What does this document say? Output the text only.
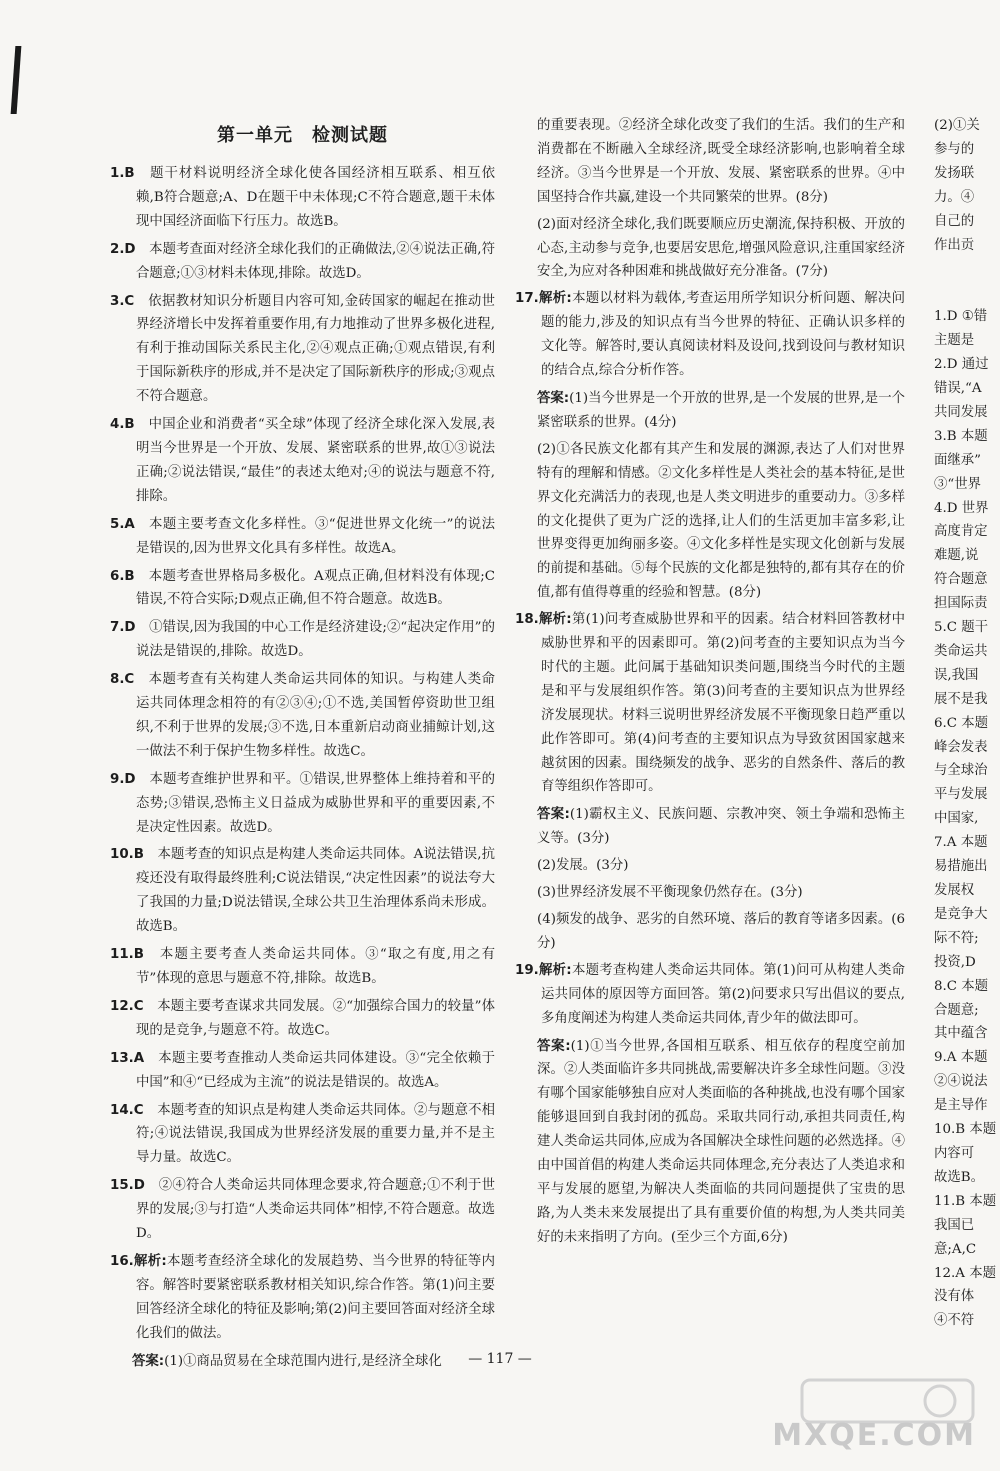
第一单元　检测试题
1.B　 题干材料说明经济全球化使各国经济相互联系、相互依赖,B符合题意;A、D在题干中未体现;C不符合题意,题干未体现中国经济面临下行压力。故选B。
2.D　 本题考查面对经济全球化我们的正确做法,②④说法正确,符合题意;①③材料未体现,排除。故选D。
3.C　 依据教材知识分析题目内容可知,金砖国家的崛起在推动世界经济增长中发挥着重要作用,有力地推动了世界多极化进程,有利于推动国际关系民主化,②④观点正确;①观点错误,有利于国际新秩序的形成,并不是决定了国际新秩序的形成;③观点不符合题意。
4.B　 中国企业和消费者“买全球”体现了经济全球化深入发展,表明当今世界是一个开放、发展、紧密联系的世界,故①③说法正确;②说法错误,“最佳”的表述太绝对;④的说法与题意不符,排除。
5.A　 本题主要考查文化多样性。③“促进世界文化统一”的说法是错误的,因为世界文化具有多样性。故选A。
6.B　 本题考查世界格局多极化。A观点正确,但材料没有体现;C错误,不符合实际;D观点正确,但不符合题意。故选B。
7.D　 ①错误,因为我国的中心工作是经济建设;②“起决定作用”的说法是错误的,排除。故选D。
8.C　 本题考查有关构建人类命运共同体的知识。与构建人类命运共同体理念相符的有②③④;①不选,美国暂停资助世卫组织,不利于世界的发展;③不选,日本重新启动商业捕鲸计划,这一做法不利于保护生物多样性。故选C。
9.D　 本题考查维护世界和平。①错误,世界整体上维持着和平的态势;③错误,恐怖主义日益成为威胁世界和平的重要因素,不是决定性因素。故选D。
10.B　 本题考查的知识点是构建人类命运共同体。A说法错误,抗疫还没有取得最终胜利;C说法错误,“决定性因素”的说法夸大了我国的力量;D说法错误,全球公共卫生治理体系尚未形成。故选B。
11.B　 本题主要考查人类命运共同体。③“取之有度,用之有节”体现的意思与题意不符,排除。故选B。
12.C　 本题主要考查谋求共同发展。②“加强综合国力的较量”体现的是竞争,与题意不符。故选C。
13.A　 本题主要考查推动人类命运共同体建设。③“完全依赖于中国”和④“已经成为主流”的说法是错误的。故选A。
14.C　 本题考查的知识点是构建人类命运共同体。②与题意不相符;④说法错误,我国成为世界经济发展的重要力量,并不是主导力量。故选C。
15.D　 ②④符合人类命运共同体理念要求,符合题意;①不利于世界的发展;③与打造“人类命运共同体”相悖,不符合题意。故选D。
16.解析:本题考查经济全球化的发展趋势、当今世界的特征等内容。解答时要紧密联系教材相关知识,综合作答。第(1)问主要回答经济全球化的特征及影响;第(2)问主要回答面对经济全球化我们的做法。
答案:(1)①商品贸易在全球范围内进行,是经济全球化
的重要表现。②经济全球化改变了我们的生活。我们的生产和消费都在不断融入全球经济,既受全球经济影响,也影响着全球经济。③当今世界是一个开放、发展、紧密联系的世界。④中国坚持合作共赢,建设一个共同繁荣的世界。(8分)
(2)面对经济全球化,我们既要顺应历史潮流,保持积极、开放的心态,主动参与竞争,也要居安思危,增强风险意识,注重国家经济安全,为应对各种困难和挑战做好充分准备。(7分)
17.解析:本题以材料为载体,考查运用所学知识分析问题、解决问题的能力,涉及的知识点有当今世界的特征、正确认识多样的文化等。解答时,要认真阅读材料及设问,找到设问与教材知识的结合点,综合分析作答。
答案:(1)当今世界是一个开放的世界,是一个发展的世界,是一个紧密联系的世界。(4分)
(2)①各民族文化都有其产生和发展的渊源,表达了人们对世界特有的理解和情感。②文化多样性是人类社会的基本特征,是世界文化充满活力的表现,也是人类文明进步的重要动力。③多样的文化提供了更为广泛的选择,让人们的生活更加丰富多彩,让世界变得更加绚丽多姿。④文化多样性是实现文化创新与发展的前提和基础。⑤每个民族的文化都是独特的,都有其存在的价值,都有值得尊重的经验和智慧。(8分)
18.解析:第(1)问考查威胁世界和平的因素。结合材料回答教材中威胁世界和平的因素即可。第(2)问考查的主要知识点为当今时代的主题。此问属于基础知识类问题,围绕当今时代的主题是和平与发展组织作答。第(3)问考查的主要知识点为世界经济发展现状。材料三说明世界经济发展不平衡现象日趋严重以此作答即可。第(4)问考查的主要知识点为导致贫困国家越来越贫困的因素。围绕频发的战争、恶劣的自然条件、落后的教育等组织作答即可。
答案:(1)霸权主义、民族问题、宗教冲突、领土争端和恐怖主义等。(3分)
(2)发展。(3分)
(3)世界经济发展不平衡现象仍然存在。(3分)
(4)频发的战争、恶劣的自然环境、落后的教育等诸多因素。(6分)
19.解析:本题考查构建人类命运共同体。第(1)问可从构建人类命运共同体的原因等方面回答。第(2)问要求只写出倡议的要点,多角度阐述为构建人类命运共同体,青少年的做法即可。
答案:(1)①当今世界,各国相互联系、相互依存的程度空前加深。②人类面临许多共同挑战,需要解决许多全球性问题。③没有哪个国家能够独自应对人类面临的各种挑战,也没有哪个国家能够退回到自我封闭的孤岛。采取共同行动,承担共同责任,构建人类命运共同体,应成为各国解决全球性问题的必然选择。④由中国首倡的构建人类命运共同体理念,充分表达了人类追求和平与发展的愿望,为解决人类面临的共同问题提供了宝贵的思路,为人类未来发展提出了具有重要价值的构想,为人类共同美好的未来指明了方向。(至少三个方面,6分)
(2)①关
参与的
发扬联
力。④
自己的
作出贡

1.D ①错
主题是
2.D 通过
错误,“A
共同发展
3.B 本题
面继承”
③“世界
4.D 世界
高度肯定
难题,说
符合题意
担国际责
5.C 题干
类命运共
误,我国
展不是我
6.C 本题
峰会发表
与全球治
平与发展
中国家,
7.A 本题
易措施出
发展权
是竞争大
际不符;
投资,D
8.C 本题
合题意;
其中蕴含
9.A 本题
②④说法
是主导作
10.B 本题
内容可
故选B。
11.B 本题
我国已
意;A,C
12.A 本题
没有体
④不符
— 117 —
MXQE.COM
